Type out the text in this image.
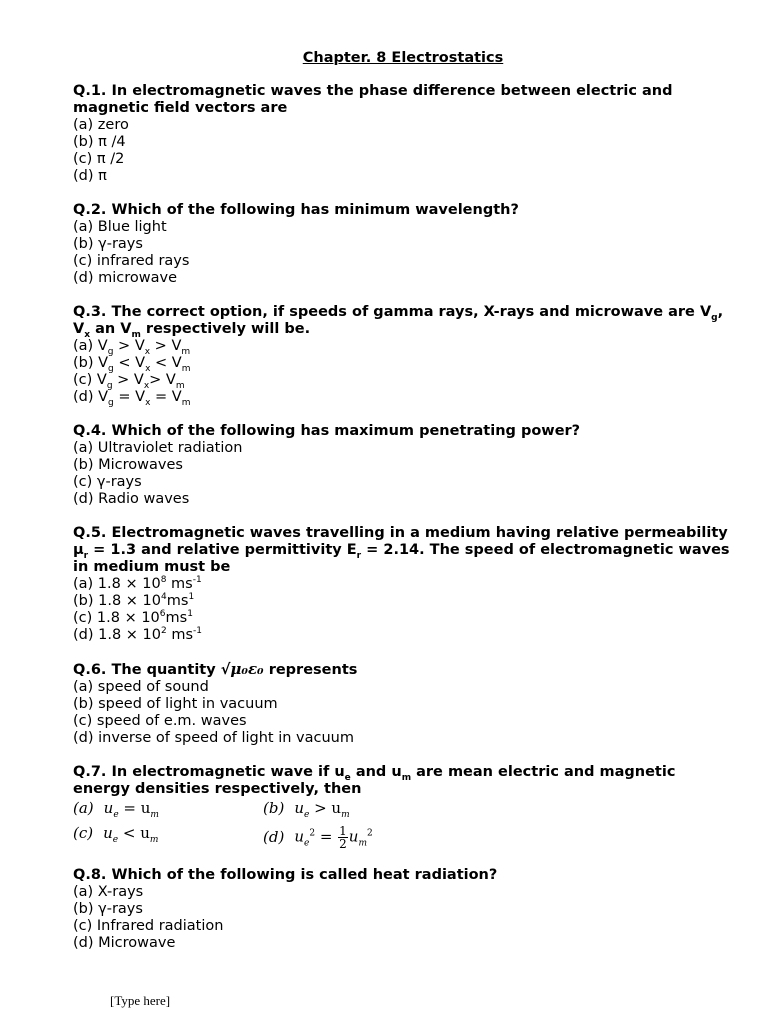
Chapter. 8 Electrostatics
Q.1. In electromagnetic waves the phase difference between electric and magnetic field vectors are
(a) zero
(b) π /4
(c) π /2
(d) π
Q.2. Which of the following has minimum wavelength?
(a) Blue light
(b) γ-rays
(c) infrared rays
(d) microwave
Q.3. The correct option, if speeds of gamma rays, X-rays and microwave are $V_g$, $V_x$ an $V_m$ respectively will be.
(a) $V_g > V_x > V_m$
(b) $V_g < V_x < V_m$
(c) $V_g > V_x> V_m$
(d) $V_g = V_x = V_m$
Q.4. Which of the following has maximum penetrating power?
(a) Ultraviolet radiation
(b) Microwaves
(c) γ-rays
(d) Radio waves
Q.5. Electromagnetic waves travelling in a medium having relative permeability $\mu_r = 1.3$ and relative permittivity $E_r = 2.14$. The speed of electromagnetic waves in medium must be
(a) $1.8 \times 10^8$ $ms^{-1}$
(b) $1.8 \times 10^4ms^1$
(c) $1.8 \times 10^6ms^1$
(d) $1.8 \times 10^2$ $ms^{-1}$
Q.6. The quantity √μ₀ε₀ represents
(a) speed of sound
(b) speed of light in vacuum
(c) speed of e.m. waves
(d) inverse of speed of light in vacuum
Q.7. In electromagnetic wave if $u_e$ and $u_m$ are mean electric and magnetic energy densities respectively, then
(a) $u_e = u_m$	(b) $u_e > u_m$
(c) $u_e < u_m$	(d) $u_e^2 = \frac{1}{2} u_m^2$
Q.8. Which of the following is called heat radiation?
(a) X-rays
(b) γ-rays
(c) Infrared radiation
(d) Microwave
[Type here]
